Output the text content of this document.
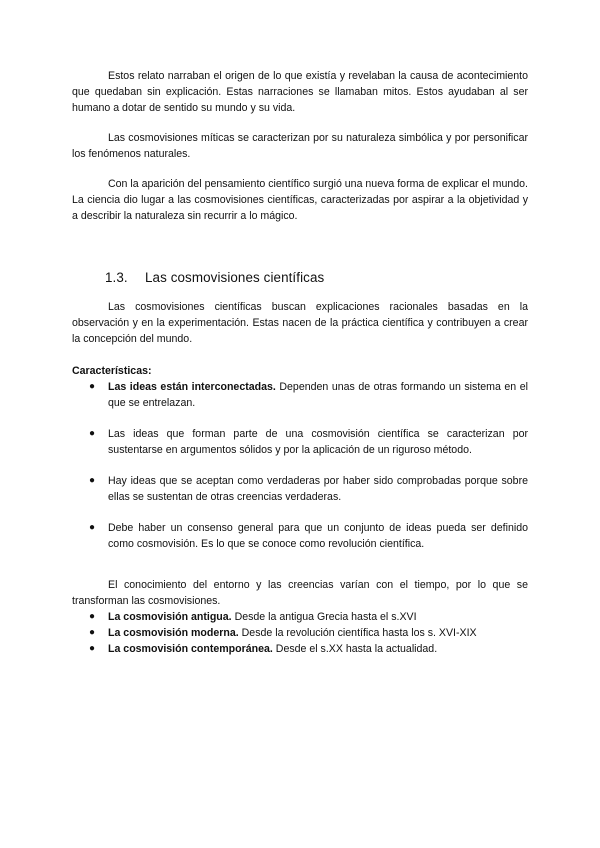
Estos relato narraban el origen de lo que existía y revelaban la causa de acontecimiento que quedaban sin explicación. Estas narraciones se llamaban mitos. Estos ayudaban al ser humano a dotar de sentido su mundo y su vida.

Las cosmovisiones míticas se caracterizan por su naturaleza simbólica y por personificar los fenómenos naturales.

Con la aparición del pensamiento científico surgió una nueva forma de explicar el mundo. La ciencia dio lugar a las cosmovisiones científicas, caracterizadas por aspirar a la objetividad y a describir la naturaleza sin recurrir a lo mágico.

1.3. Las cosmovisiones científicas

Las cosmovisiones científicas buscan explicaciones racionales basadas en la observación y en la experimentación. Estas nacen de la práctica científica y contribuyen a crear la concepción del mundo.

Características:

● Las ideas están interconectadas. Dependen unas de otras formando un sistema en el que se entrelazan.
● Las ideas que forman parte de una cosmovisión científica se caracterizan por sustentarse en argumentos sólidos y por la aplicación de un riguroso método.
● Hay ideas que se aceptan como verdaderas por haber sido comprobadas porque sobre ellas se sustentan de otras creencias verdaderas.
● Debe haber un consenso general para que un conjunto de ideas pueda ser definido como cosmovisión. Es lo que se conoce como revolución científica.

El conocimiento del entorno y las creencias varían con el tiempo, por lo que se transforman las cosmovisiones.

● La cosmovisión antigua. Desde la antigua Grecia hasta el s.XVI
● La cosmovisión moderna. Desde la revolución científica hasta los s. XVI-XIX
● La cosmovisión contemporánea. Desde el s.XX hasta la actualidad.
